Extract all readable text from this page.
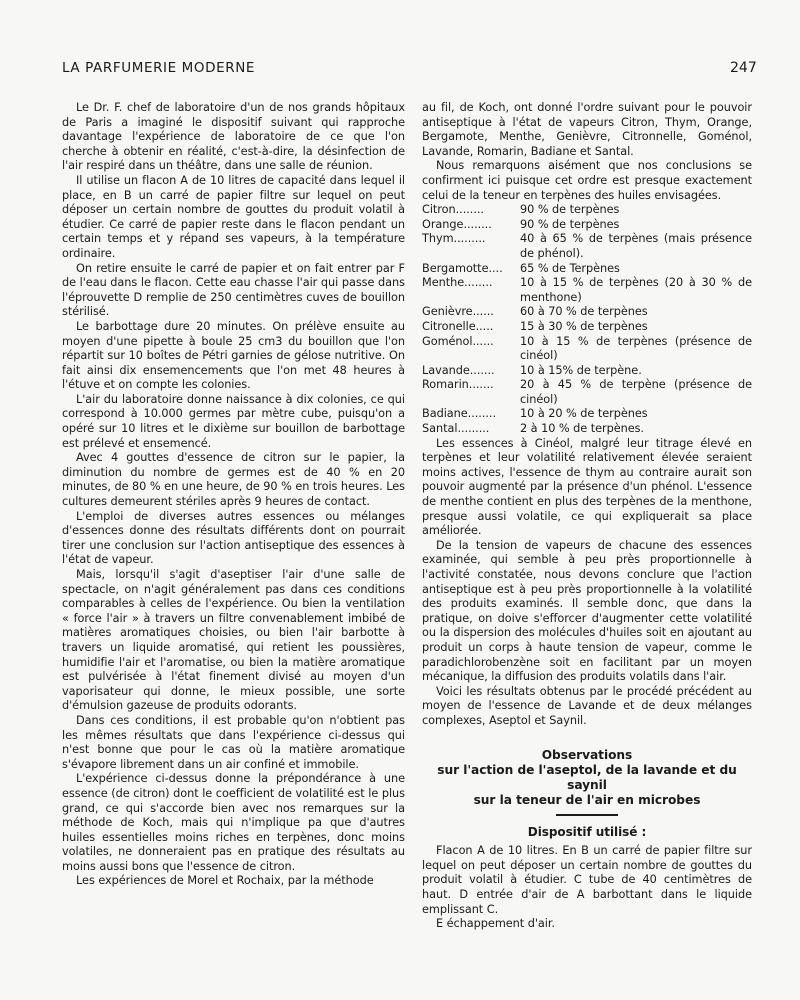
LA PARFUMERIE MODERNE	247

Le Dr. F. chef de laboratoire d'un de nos grands hôpitaux de Paris a imaginé le dispositif suivant qui rapproche davantage l'expérience de laboratoire de ce que l'on cherche à obtenir en réalité, c'est-à-dire, la désinfection de l'air respiré dans un théâtre, dans une salle de réunion.

Il utilise un flacon A de 10 litres de capacité dans lequel il place, en B un carré de papier filtre sur lequel on peut déposer un certain nombre de gouttes du produit volatil à étudier. Ce carré de papier reste dans le flacon pendant un certain temps et y répand ses vapeurs, à la température ordinaire.

On retire ensuite le carré de papier et on fait entrer par F de l'eau dans le flacon. Cette eau chasse l'air qui passe dans l'éprouvette D remplie de 250 centimètres cuves de bouillon stérilisé.

Le barbottage dure 20 minutes. On prélève ensuite au moyen d'une pipette à boule 25 cm3 du bouillon que l'on répartit sur 10 boîtes de Pétri garnies de gélose nutritive. On fait ainsi dix ensemencements que l'on met 48 heures à l'étuve et on compte les colonies.

L'air du laboratoire donne naissance à dix colonies, ce qui correspond à 10.000 germes par mètre cube, puisqu'on a opéré sur 10 litres et le dixième sur bouillon de barbottage est prélevé et ensemencé.

Avec 4 gouttes d'essence de citron sur le papier, la diminution du nombre de germes est de 40 % en 20 minutes, de 80 % en une heure, de 90 % en trois heures. Les cultures demeurent stériles après 9 heures de contact.

L'emploi de diverses autres essences ou mélanges d'essences donne des résultats différents dont on pourrait tirer une conclusion sur l'action antiseptique des essences à l'état de vapeur.

Mais, lorsqu'il s'agit d'aseptiser l'air d'une salle de spectacle, on n'agit généralement pas dans ces conditions comparables à celles de l'expérience. Ou bien la ventilation « force l'air » à travers un filtre convenablement imbibé de matières aromatiques choisies, ou bien l'air barbotte à travers un liquide aromatisé, qui retient les poussières, humidifie l'air et l'aromatise, ou bien la matière aromatique est pulvérisée à l'état finement divisé au moyen d'un vaporisateur qui donne, le mieux possible, une sorte d'émulsion gazeuse de produits odorants.

Dans ces conditions, il est probable qu'on n'obtient pas les mêmes résultats que dans l'expérience ci-dessus qui n'est bonne que pour le cas où la matière aromatique s'évapore librement dans un air confiné et immobile.

L'expérience ci-dessus donne la prépondérance à une essence (de citron) dont le coefficient de volatilité est le plus grand, ce qui s'accorde bien avec nos remarques sur la méthode de Koch, mais qui n'implique pa que d'autres huiles essentielles moins riches en terpènes, donc moins volatiles, ne donneraient pas en pratique des résultats au moins aussi bons que l'essence de citron.

Les expériences de Morel et Rochaix, par la méthode

au fil, de Koch, ont donné l'ordre suivant pour le pouvoir antiseptique à l'état de vapeurs Citron, Thym, Orange, Bergamote, Menthe, Genièvre, Citronnelle, Goménol, Lavande, Romarin, Badiane et Santal.

Nous remarquons aisément que nos conclusions se confirment ici puisque cet ordre est presque exactement celui de la teneur en terpènes des huiles envisagées.

Citron........	90 % de terpènes
Orange........	90 % de terpènes
Thym.........	40 à 65 % de terpènes (mais présence de phénol).
Bergamotte....	65 % de Terpènes
Menthe........	10 à 15 % de terpènes (20 à 30 % de menthone)
Genièvre......	60 à 70 % de terpènes
Citronelle.....	15 à 30 % de terpènes
Goménol......	10 à 15 % de terpènes (présence de cinéol)
Lavande.......	10 à 15% de terpène.
Romarin.......	20 à 45 % de terpène (présence de cinéol)
Badiane........	10 à 20 % de terpènes
Santal.........	2 à 10 % de terpènes.

Les essences à Cinéol, malgré leur titrage élevé en terpènes et leur volatilité relativement élevée seraient moins actives, l'essence de thym au contraire aurait son pouvoir augmenté par la présence d'un phénol. L'essence de menthe contient en plus des terpènes de la menthone, presque aussi volatile, ce qui expliquerait sa place améliorée.

De la tension de vapeurs de chacune des essences examinée, qui semble à peu près proportionnelle à l'activité constatée, nous devons conclure que l'action antiseptique est à peu près proportionnelle à la volatilité des produits examinés. Il semble donc, que dans la pratique, on doive s'efforcer d'augmenter cette volatilité ou la dispersion des molécules d'huiles soit en ajoutant au produit un corps à haute tension de vapeur, comme le paradichlorobenzène soit en facilitant par un moyen mécanique, la diffusion des produits volatils dans l'air.

Voici les résultats obtenus par le procédé précédent au moyen de l'essence de Lavande et de deux mélanges complexes, Aseptol et Saynil.

Observations
sur l'action de l'aseptol, de la lavande et du saynil
sur la teneur de l'air en microbes
Dispositif utilisé :

Flacon A de 10 litres. En B un carré de papier filtre sur lequel on peut déposer un certain nombre de gouttes du produit volatil à étudier. C tube de 40 centimètres de haut. D entrée d'air de A barbottant dans le liquide emplissant C.

E échappement d'air.
